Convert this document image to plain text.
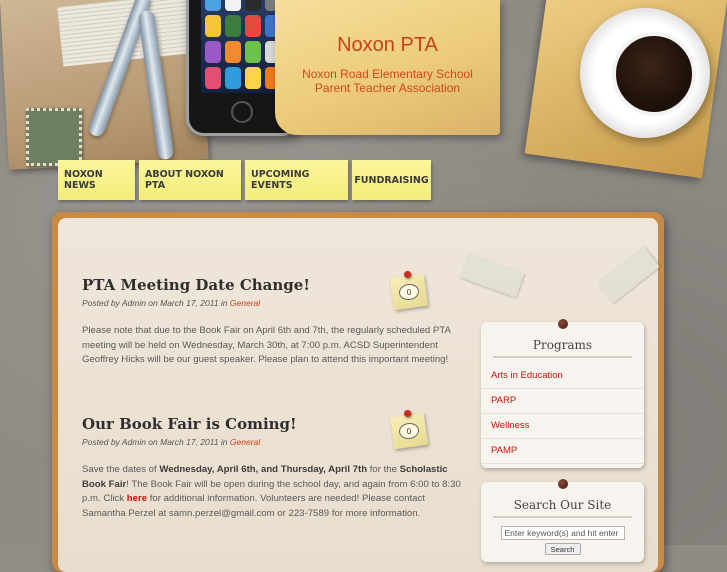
Noxon PTA
Noxon Road Elementary School
Parent Teacher Association
NOXON NEWS
ABOUT NOXON PTA
UPCOMING EVENTS	FUNDRAISING
PTA Meeting Date Change!
Posted by Admin on March 17, 2011 in General
Please note that due to the Book Fair on April 6th and 7th, the regularly scheduled PTA meeting will be held on Wednesday, March 30th, at 7:00 p.m. ACSD Superintendent Geoffrey Hicks will be our guest speaker. Please plan to attend this important meeting!
0
Our Book Fair is Coming!
Posted by Admin on March 17, 2011 in General
Save the dates of Wednesday, April 6th, and Thursday, April 7th for the Scholastic Book Fair! The Book Fair will be open during the school day, and again from 6:00 to 8:30 p.m. Click here for additional information. Volunteers are needed! Please contact Samantha Perzel at samn.perzel@gmail.com or 223-7589 for more information.
0
Programs
Arts in Education
PARP
Wellness
PAMP
Search Our Site
Enter keyword(s) and hit enter
Search
